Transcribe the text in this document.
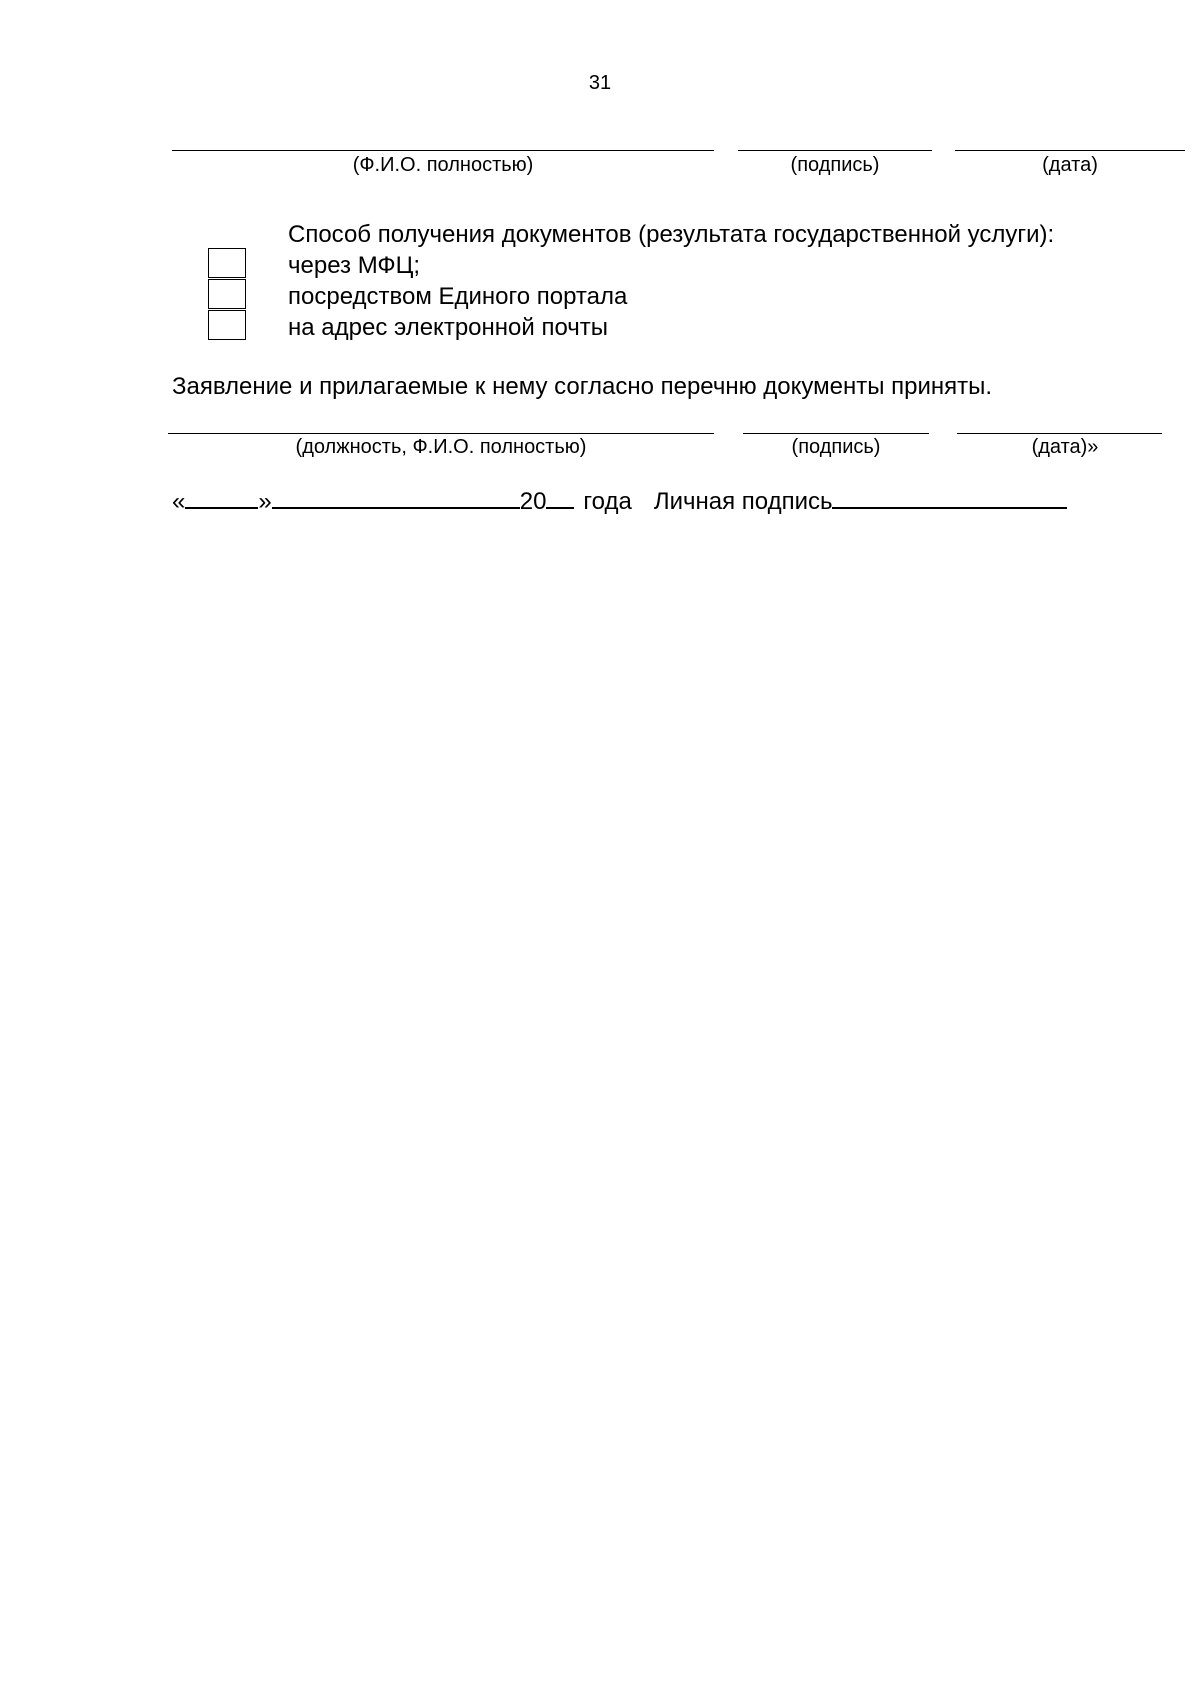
31
(Ф.И.О. полностью)	(подпись)	(дата)
Способ получения документов (результата государственной услуги):
через МФЦ;
посредством Единого портала
на адрес электронной почты
Заявление и прилагаемые к нему согласно перечню документы приняты.
(должность, Ф.И.О. полностью)	(подпись)	(дата)»
«	»	20 года Личная подпись
